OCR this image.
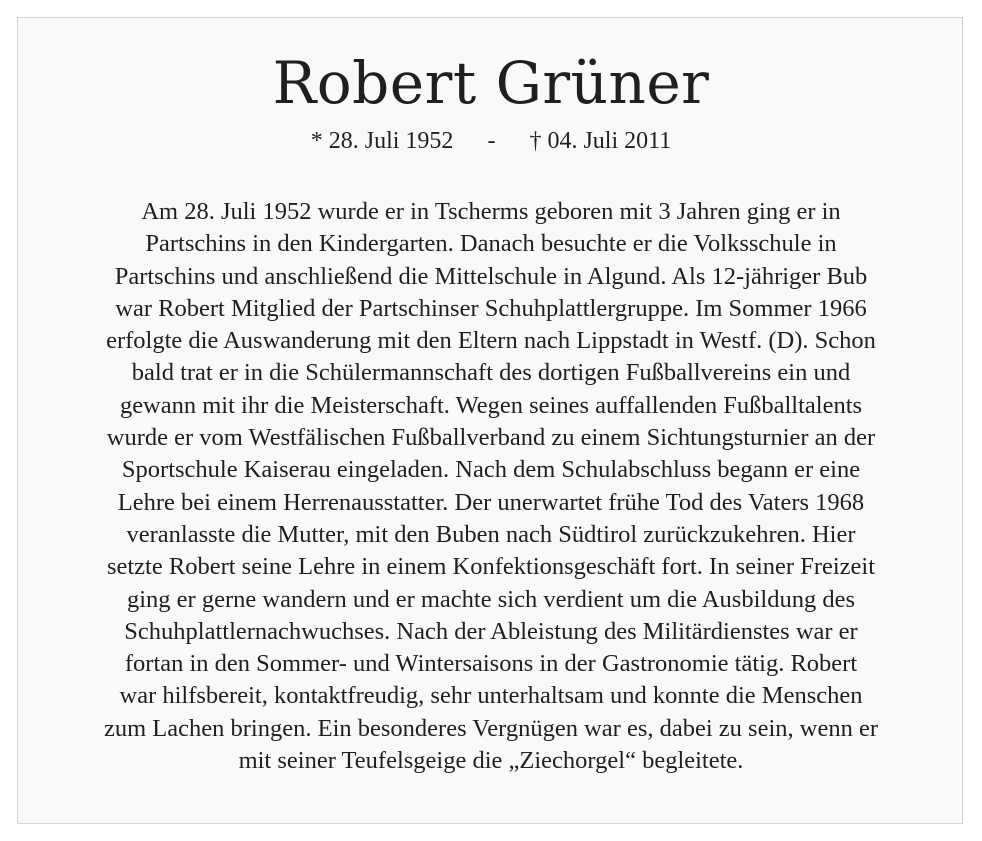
Robert Grüner
* 28. Juli 1952 - † 04. Juli 2011
Am 28. Juli 1952 wurde er in Tscherms geboren mit 3 Jahren ging er in
Partschins in den Kindergarten. Danach besuchte er die Volksschule in
Partschins und anschließend die Mittelschule in Algund. Als 12-jähriger Bub
war Robert Mitglied der Partschinser Schuhplattlergruppe. Im Sommer 1966
erfolgte die Auswanderung mit den Eltern nach Lippstadt in Westf. (D). Schon
bald trat er in die Schülermannschaft des dortigen Fußballvereins ein und
gewann mit ihr die Meisterschaft. Wegen seines auffallenden Fußballtalents
wurde er vom Westfälischen Fußballverband zu einem Sichtungsturnier an der
Sportschule Kaiserau eingeladen. Nach dem Schulabschluss begann er eine
Lehre bei einem Herrenausstatter. Der unerwartet frühe Tod des Vaters 1968
veranlasste die Mutter, mit den Buben nach Südtirol zurückzukehren. Hier
setzte Robert seine Lehre in einem Konfektionsgeschäft fort. In seiner Freizeit
ging er gerne wandern und er machte sich verdient um die Ausbildung des
Schuhplattlernachwuchses. Nach der Ableistung des Militärdienstes war er
fortan in den Sommer- und Wintersaisons in der Gastronomie tätig. Robert
war hilfsbereit, kontaktfreudig, sehr unterhaltsam und konnte die Menschen
zum Lachen bringen. Ein besonderes Vergnügen war es, dabei zu sein, wenn er
mit seiner Teufelsgeige die „Ziechorgel“ begleitete.
